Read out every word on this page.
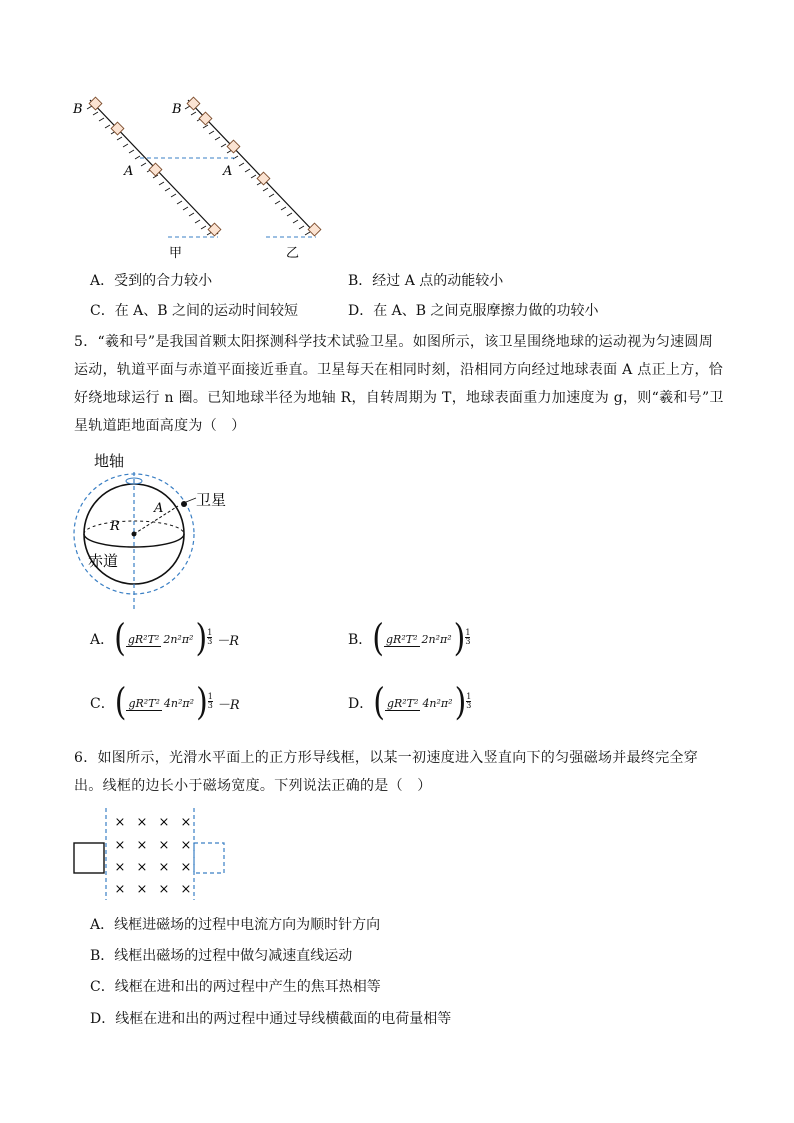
B
A
B
A
甲	乙
A．受到的合力较小	B．经过 A 点的动能较小
C．在 A、B 之间的运动时间较短	D．在 A、B 之间克服摩擦力做的功较小
5．“羲和号”是我国首颗太阳探测科学技术试验卫星。如图所示，该卫星围绕地球的运动视为匀速圆周运动，轨道平面与赤道平面接近垂直。卫星每天在相同时刻，沿相同方向经过地球表面 A 点正上方，恰好绕地球运行 n 圈。已知地球半径为地轴 R，自转周期为 T，地球表面重力加速度为 g，则“羲和号”卫星轨道距地面高度为（　）
地轴
卫星
赤道
R
A
A． ( gR²T² 2n²π² ) 1
3 －R	B． ( gR²T² 2n²π² ) 1
3
C． ( gR²T² 4n²π² ) 1
3 －R	D． ( gR²T² 4n²π² ) 1
3
6．如图所示，光滑水平面上的正方形导线框，以某一初速度进入竖直向下的匀强磁场并最终完全穿出。线框的边长小于磁场宽度。下列说法正确的是（　）
× × × ×
× × × ×
× × × ×
× × × ×
A．线框进磁场的过程中电流方向为顺时针方向
B．线框出磁场的过程中做匀减速直线运动
C．线框在进和出的两过程中产生的焦耳热相等
D．线框在进和出的两过程中通过导线横截面的电荷量相等
